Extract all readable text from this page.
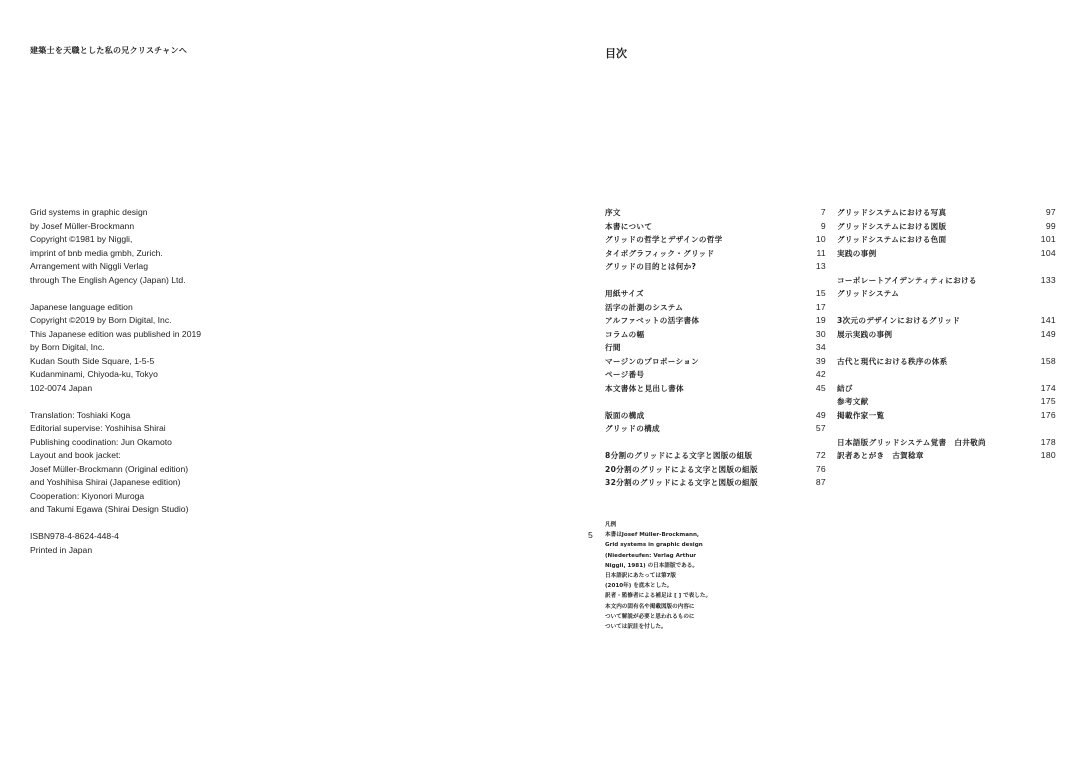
建築士を天職とした私の兄クリスチャンへ	目次
Grid systems in graphic design
by Josef Müller-Brockmann
Copyright ©1981 by Niggli,
imprint of bnb media gmbh, Zurich.
Arrangement with Niggli Verlag
through The English Agency (Japan) Ltd.
Japanese language edition
Copyright ©2019 by Born Digital, Inc.
This Japanese edition was published in 2019
by Born Digital, Inc.
Kudan South Side Square, 1-5-5
Kudanminami, Chiyoda-ku, Tokyo
102-0074 Japan
Translation: Toshiaki Koga
Editorial supervise: Yoshihisa Shirai
Publishing coodination: Jun Okamoto
Layout and book jacket:
Josef Müller-Brockmann (Original edition)
and Yoshihisa Shirai (Japanese edition)
Cooperation: Kiyonori Muroga
and Takumi Egawa (Shirai Design Studio)
ISBN978-4-8624-448-4
Printed in Japan
序文	7
本書について	9
グリッドの哲学とデザインの哲学	10
タイポグラフィック・グリッド	11
グリッドの目的とは何か?	13
用紙サイズ	15
活字の計測のシステム	17
アルファベットの活字書体	19
コラムの幅	30
行間	34
マージンのプロポーション	39
ページ番号	42
本文書体と見出し書体	45
版面の構成	49
グリッドの構成	57
8分割のグリッドによる文字と図版の組版	72
20分割のグリッドによる文字と図版の組版	76
32分割のグリッドによる文字と図版の組版	87
グリッドシステムにおける写真	97
グリッドシステムにおける図版	99
グリッドシステムにおける色面	101
実践の事例	104
コーポレートアイデンティティにおける	133
グリッドシステム
3次元のデザインにおけるグリッド	141
展示実践の事例	149
古代と現代における秩序の体系	158
結び	174
参考文献	175
掲載作家一覧	176
日本語版グリッドシステム覚書　白井敬尚	178
訳者あとがき　古賀稔章	180
5
凡例
本書はJosef Müller-Brockmann,
Grid systems in graphic design
(Niederteufen: Verlag Arthur
Niggli, 1981) の日本語版である。
日本語訳にあたっては第7版
(2010年) を底本とした。
訳者・監修者による補足は [ ] で表した。
本文内の固有名や掲載図版の内容に
ついて解説が必要と思われるものに
ついては訳註を付した。
